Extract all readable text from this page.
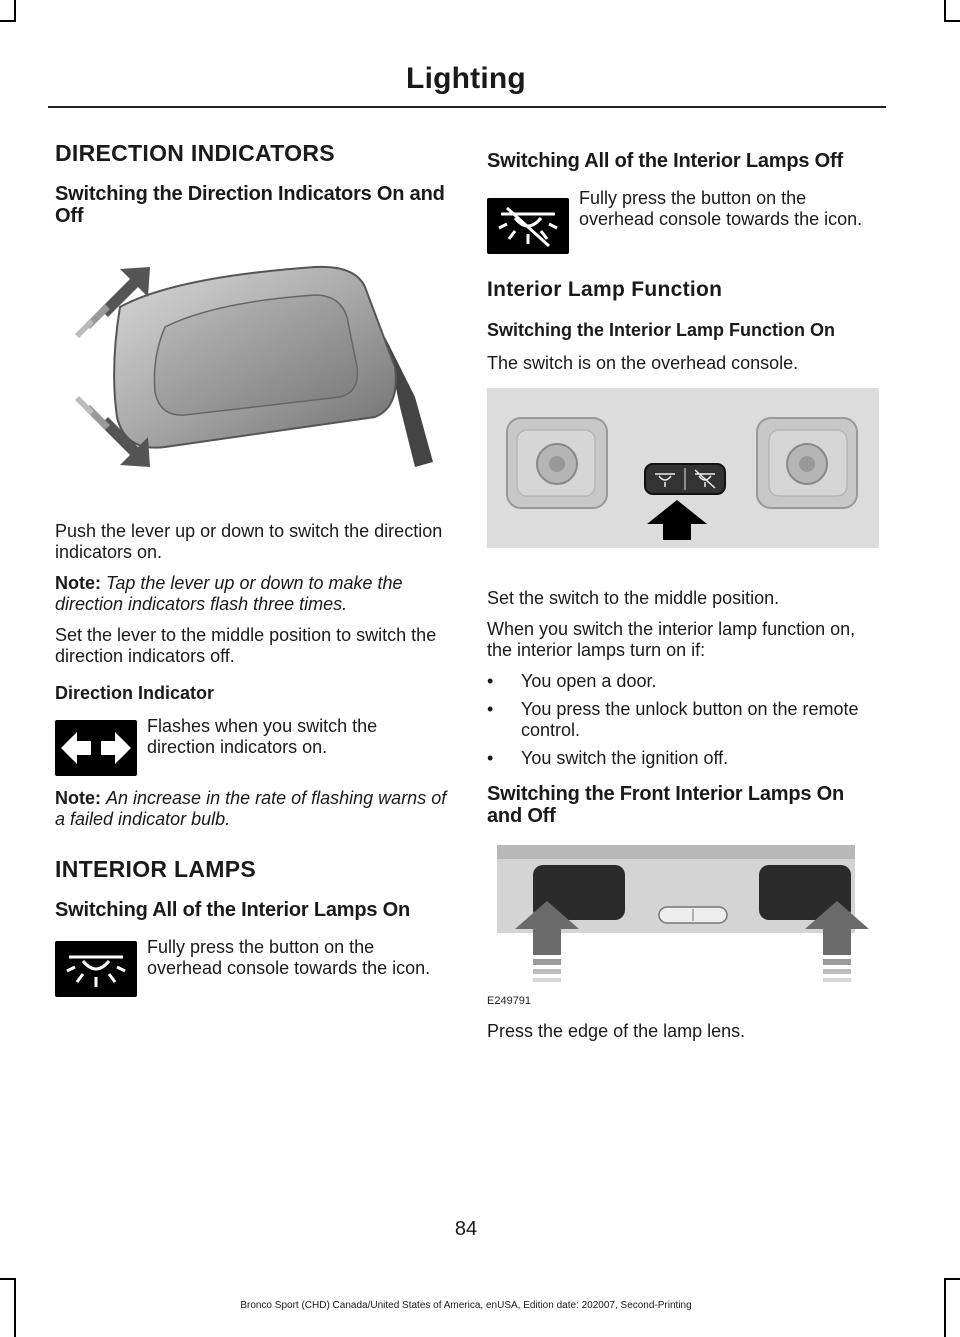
Lighting
DIRECTION INDICATORS
Switching the Direction Indicators On and Off

Push the lever up or down to switch the direction indicators on.

Note: Tap the lever up or down to make the direction indicators flash three times.

Set the lever to the middle position to switch the direction indicators off.

Direction Indicator

Flashes when you switch the direction indicators on.

Note: An increase in the rate of flashing warns of a failed indicator bulb.

INTERIOR LAMPS
Switching All of the Interior Lamps On

Fully press the button on the overhead console towards the icon.

Switching All of the Interior Lamps Off

Fully press the button on the overhead console towards the icon.

Interior Lamp Function
Switching the Interior Lamp Function On

The switch is on the overhead console.

Set the switch to the middle position.

When you switch the interior lamp function on, the interior lamps turn on if:

• You open a door.
• You press the unlock button on the remote control.
• You switch the ignition off.
Switching the Front Interior Lamps On and Off
E249791

Press the edge of the lamp lens.

84
Bronco Sport (CHD) Canada/United States of America, enUSA, Edition date: 202007, Second-Printing
